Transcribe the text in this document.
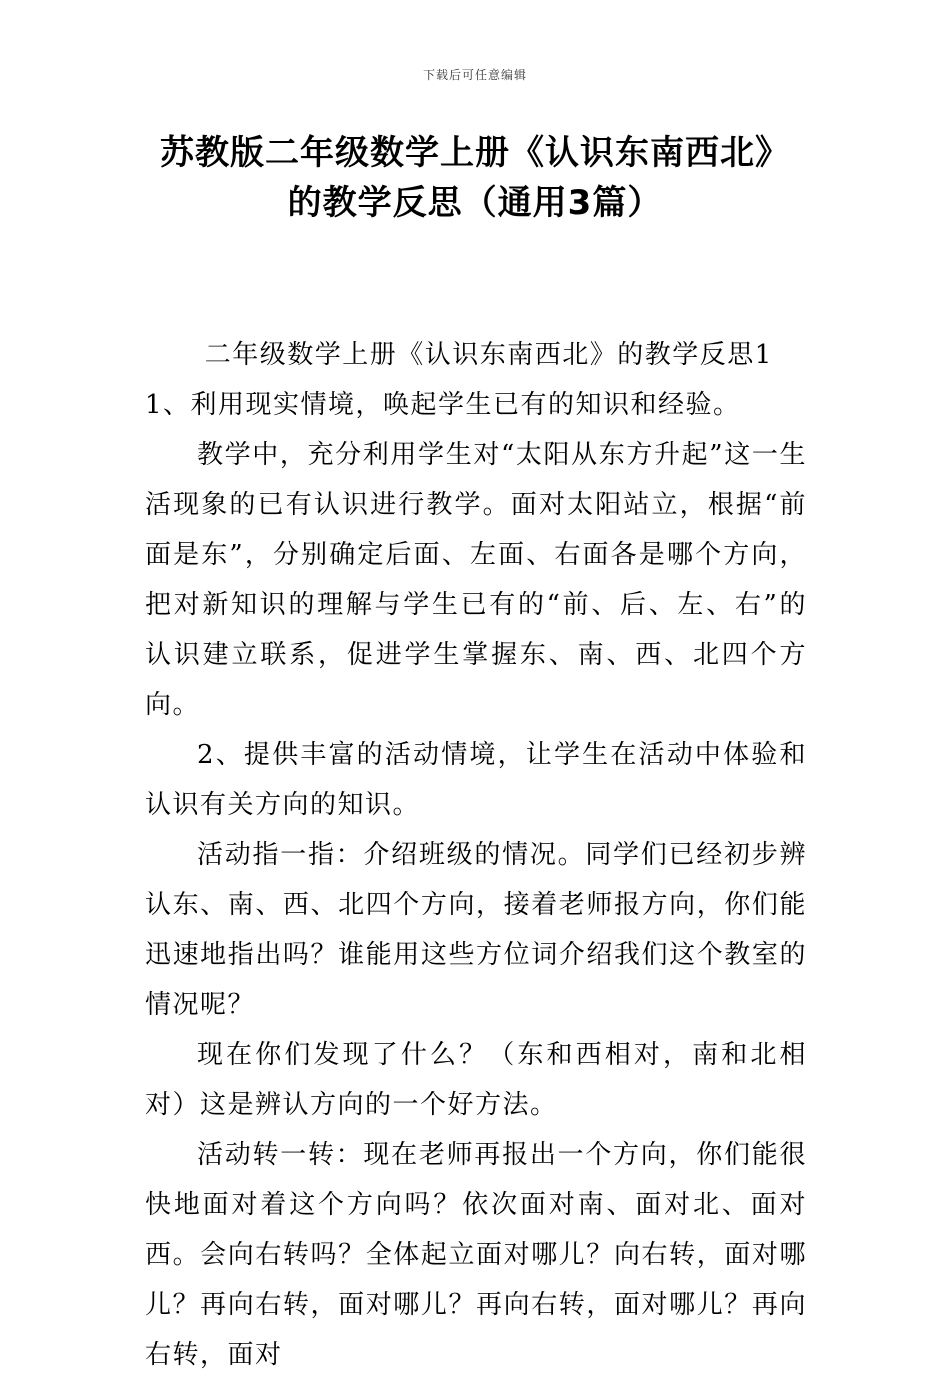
下载后可任意编辑
苏教版二年级数学上册《认识东南西北》
的教学反思（通用3篇）

二年级数学上册《认识东南西北》的教学反思1

1、利用现实情境，唤起学生已有的知识和经验。

教学中，充分利用学生对“太阳从东方升起”这一生活现象的已有认识进行教学。面对太阳站立，根据“前面是东”，分别确定后面、左面、右面各是哪个方向，把对新知识的理解与学生已有的“前、后、左、右”的认识建立联系，促进学生掌握东、南、西、北四个方向。

2、提供丰富的活动情境，让学生在活动中体验和认识有关方向的知识。

活动指一指：介绍班级的情况。同学们已经初步辨认东、南、西、北四个方向，接着老师报方向，你们能迅速地指出吗？谁能用这些方位词介绍我们这个教室的情况呢？

现在你们发现了什么？（东和西相对，南和北相对）这是辨认方向的一个好方法。

活动转一转：现在老师再报出一个方向，你们能很快地面对着这个方向吗？依次面对南、面对北、面对西。会向右转吗？全体起立面对哪儿？向右转，面对哪儿？再向右转，面对哪儿？再向右转，面对哪儿？再向右转，面对
